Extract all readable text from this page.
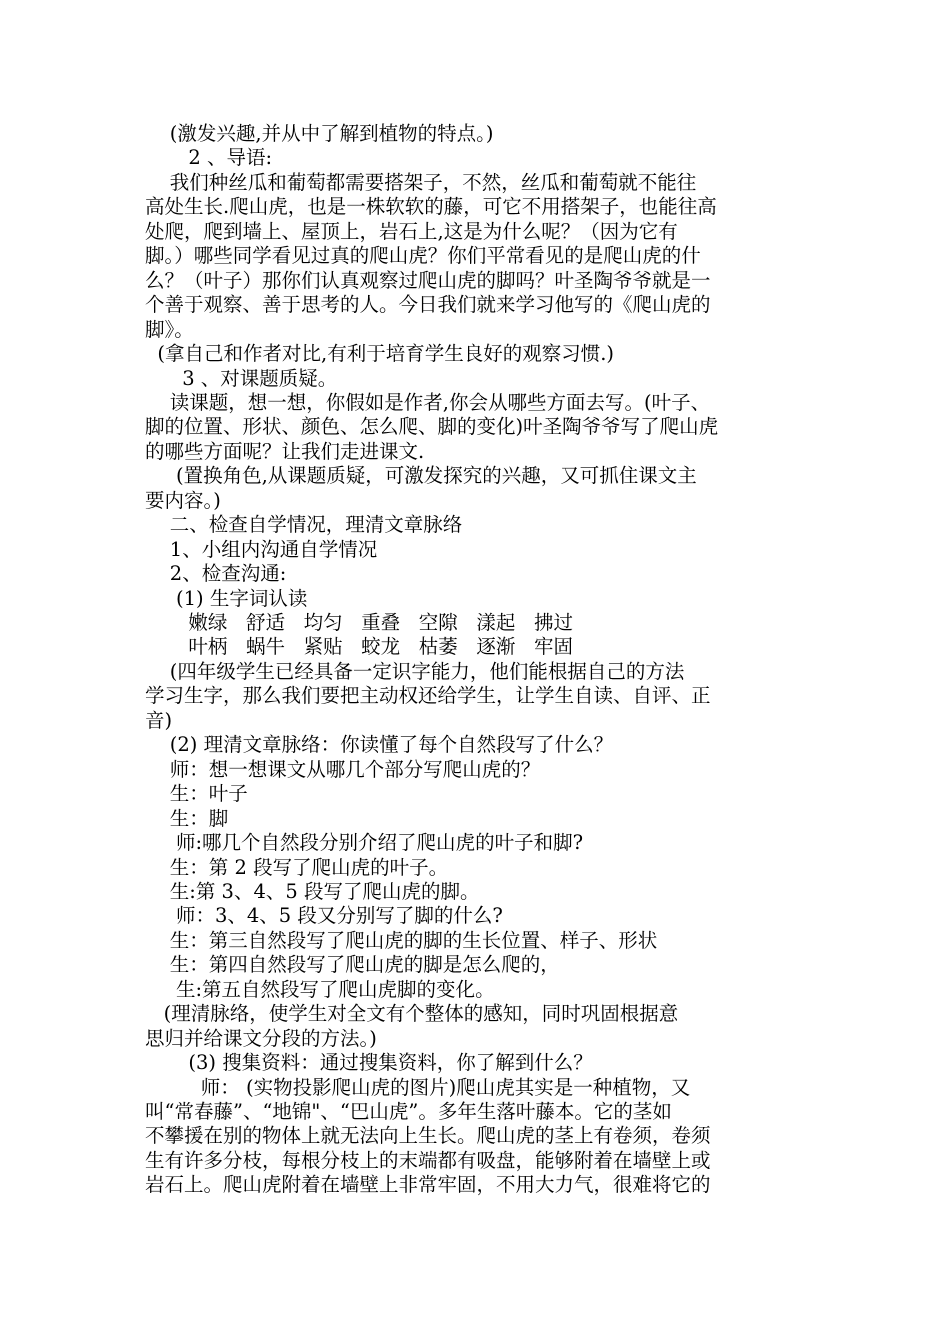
(激发兴趣,并从中了解到植物的特点。)
2 、导语:
我们种丝瓜和葡萄都需要搭架子，不然，丝瓜和葡萄就不能往
高处生长.爬山虎，也是一株软软的藤，可它不用搭架子，也能往高
处爬，爬到墙上、屋顶上，岩石上,这是为什么呢？（因为它有
脚。）哪些同学看见过真的爬山虎？你们平常看见的是爬山虎的什
么？（叶子）那你们认真观察过爬山虎的脚吗？叶圣陶爷爷就是一
个善于观察、善于思考的人。今日我们就来学习他写的《爬山虎的
脚》。
(拿自己和作者对比,有利于培育学生良好的观察习惯.)
3 、对课题质疑。
读课题，想一想，你假如是作者,你会从哪些方面去写。(叶子、
脚的位置、形状、颜色、怎么爬、脚的变化)叶圣陶爷爷写了爬山虎
的哪些方面呢？让我们走进课文.
(置换角色,从课题质疑，可激发探究的兴趣，又可抓住课文主
要内容。)
二、检查自学情况，理清文章脉络
1、小组内沟通自学情况
2、检查沟通:
(1) 生字词认读
嫩绿   舒适   均匀   重叠   空隙   漾起   拂过
叶柄   蜗牛   紧贴   蛟龙   枯萎   逐渐   牢固
(四年级学生已经具备一定识字能力，他们能根据自己的方法
学习生字，那么我们要把主动权还给学生，让学生自读、自评、正
音)
(2) 理清文章脉络：你读懂了每个自然段写了什么？
师：想一想课文从哪几个部分写爬山虎的？
生：叶子
生：脚
师:哪几个自然段分别介绍了爬山虎的叶子和脚?
生：第 2 段写了爬山虎的叶子。
生:第 3、4、5 段写了爬山虎的脚。
师：3、4、5 段又分别写了脚的什么?
生：第三自然段写了爬山虎的脚的生长位置、样子、形状
生：第四自然段写了爬山虎的脚是怎么爬的，
生:第五自然段写了爬山虎脚的变化。
(理清脉络，使学生对全文有个整体的感知，同时巩固根据意
思归并给课文分段的方法。)
(3) 搜集资料：通过搜集资料，你了解到什么？
师： (实物投影爬山虎的图片)爬山虎其实是一种植物，又
叫“常春藤”、“地锦"、“巴山虎”。多年生落叶藤本。它的茎如
不攀援在别的物体上就无法向上生长。爬山虎的茎上有卷须，卷须
生有许多分枝，每根分枝上的末端都有吸盘，能够附着在墙壁上或
岩石上。爬山虎附着在墙壁上非常牢固，不用大力气，很难将它的
